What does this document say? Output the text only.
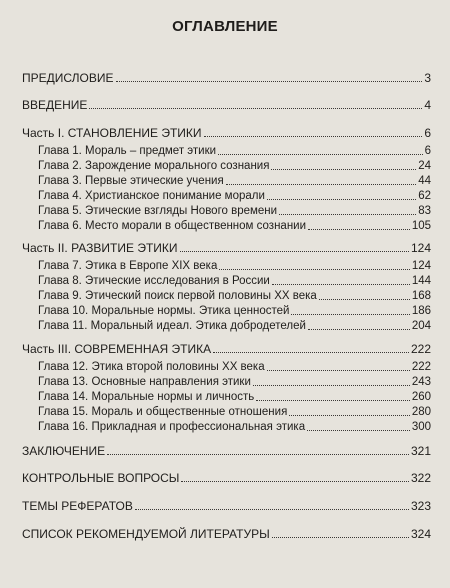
ОГЛАВЛЕНИЕ
ПРЕДИСЛОВИЕ	3
ВВЕДЕНИЕ	4
Часть I. СТАНОВЛЕНИЕ ЭТИКИ	6
Глава 1. Мораль – предмет этики	6
Глава 2. Зарождение морального сознания	24
Глава 3. Первые этические учения	44
Глава 4. Христианское понимание морали	62
Глава 5. Этические взгляды Нового времени	83
Глава 6. Место морали в общественном сознании	105
Часть II. РАЗВИТИЕ ЭТИКИ	124
Глава 7. Этика в Европе XIX века	124
Глава 8. Этические исследования в России	144
Глава 9. Этический поиск первой половины XX века	168
Глава 10. Моральные нормы. Этика ценностей	186
Глава 11. Моральный идеал. Этика добродетелей	204
Часть III. СОВРЕМЕННАЯ ЭТИКА	222
Глава 12. Этика второй половины XX века	222
Глава 13. Основные направления этики	243
Глава 14. Моральные нормы и личность	260
Глава 15. Мораль и общественные отношения	280
Глава 16. Прикладная и профессиональная этика	300
ЗАКЛЮЧЕНИЕ	321
КОНТРОЛЬНЫЕ ВОПРОСЫ	322
ТЕМЫ РЕФЕРАТОВ	323
СПИСОК РЕКОМЕНДУЕМОЙ ЛИТЕРАТУРЫ	324
